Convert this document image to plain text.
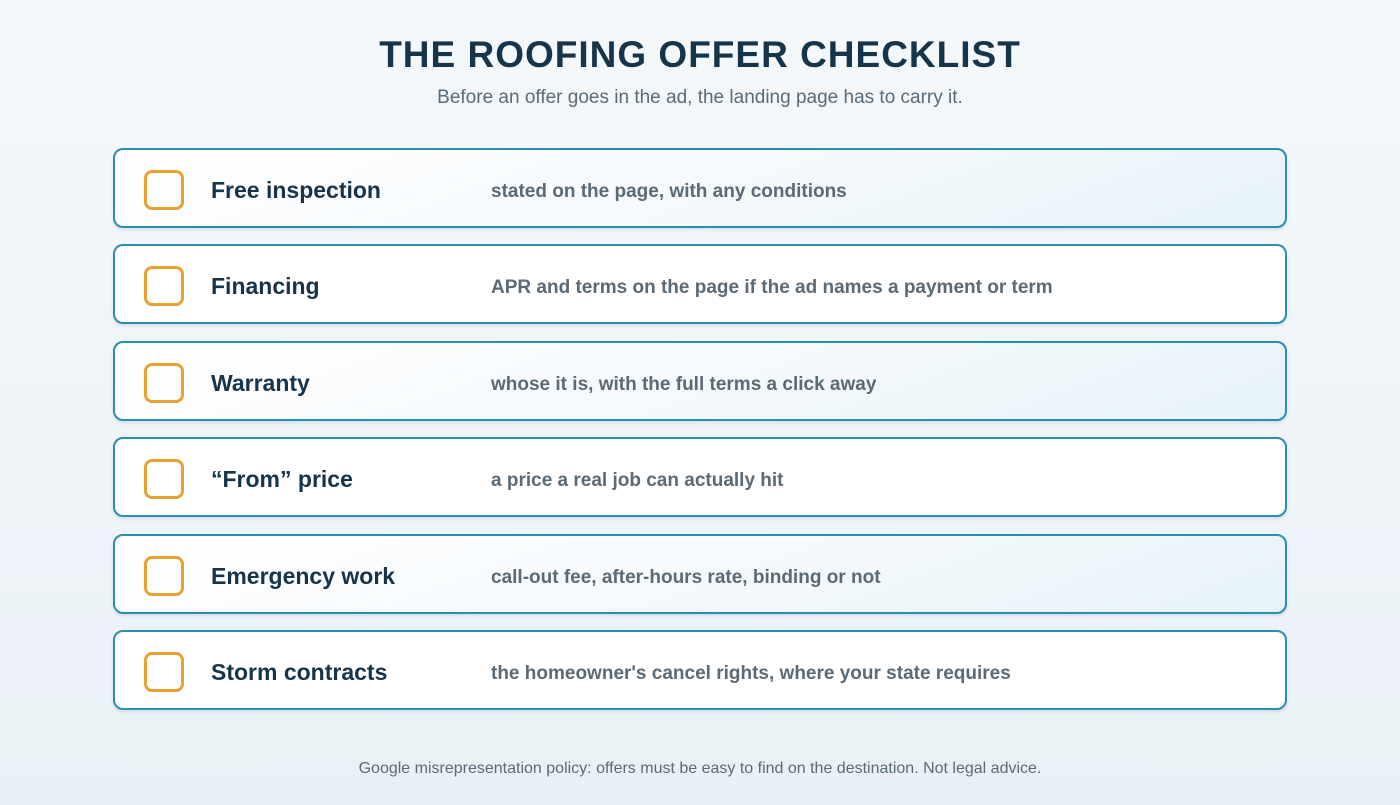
THE ROOFING OFFER CHECKLIST

Before an offer goes in the ad, the landing page has to carry it.

Free inspection	stated on the page, with any conditions
Financing	APR and terms on the page if the ad names a payment or term
Warranty	whose it is, with the full terms a click away
“From” price	a price a real job can actually hit
Emergency work	call-out fee, after-hours rate, binding or not
Storm contracts	the homeowner's cancel rights, where your state requires

Google misrepresentation policy: offers must be easy to find on the destination. Not legal advice.
